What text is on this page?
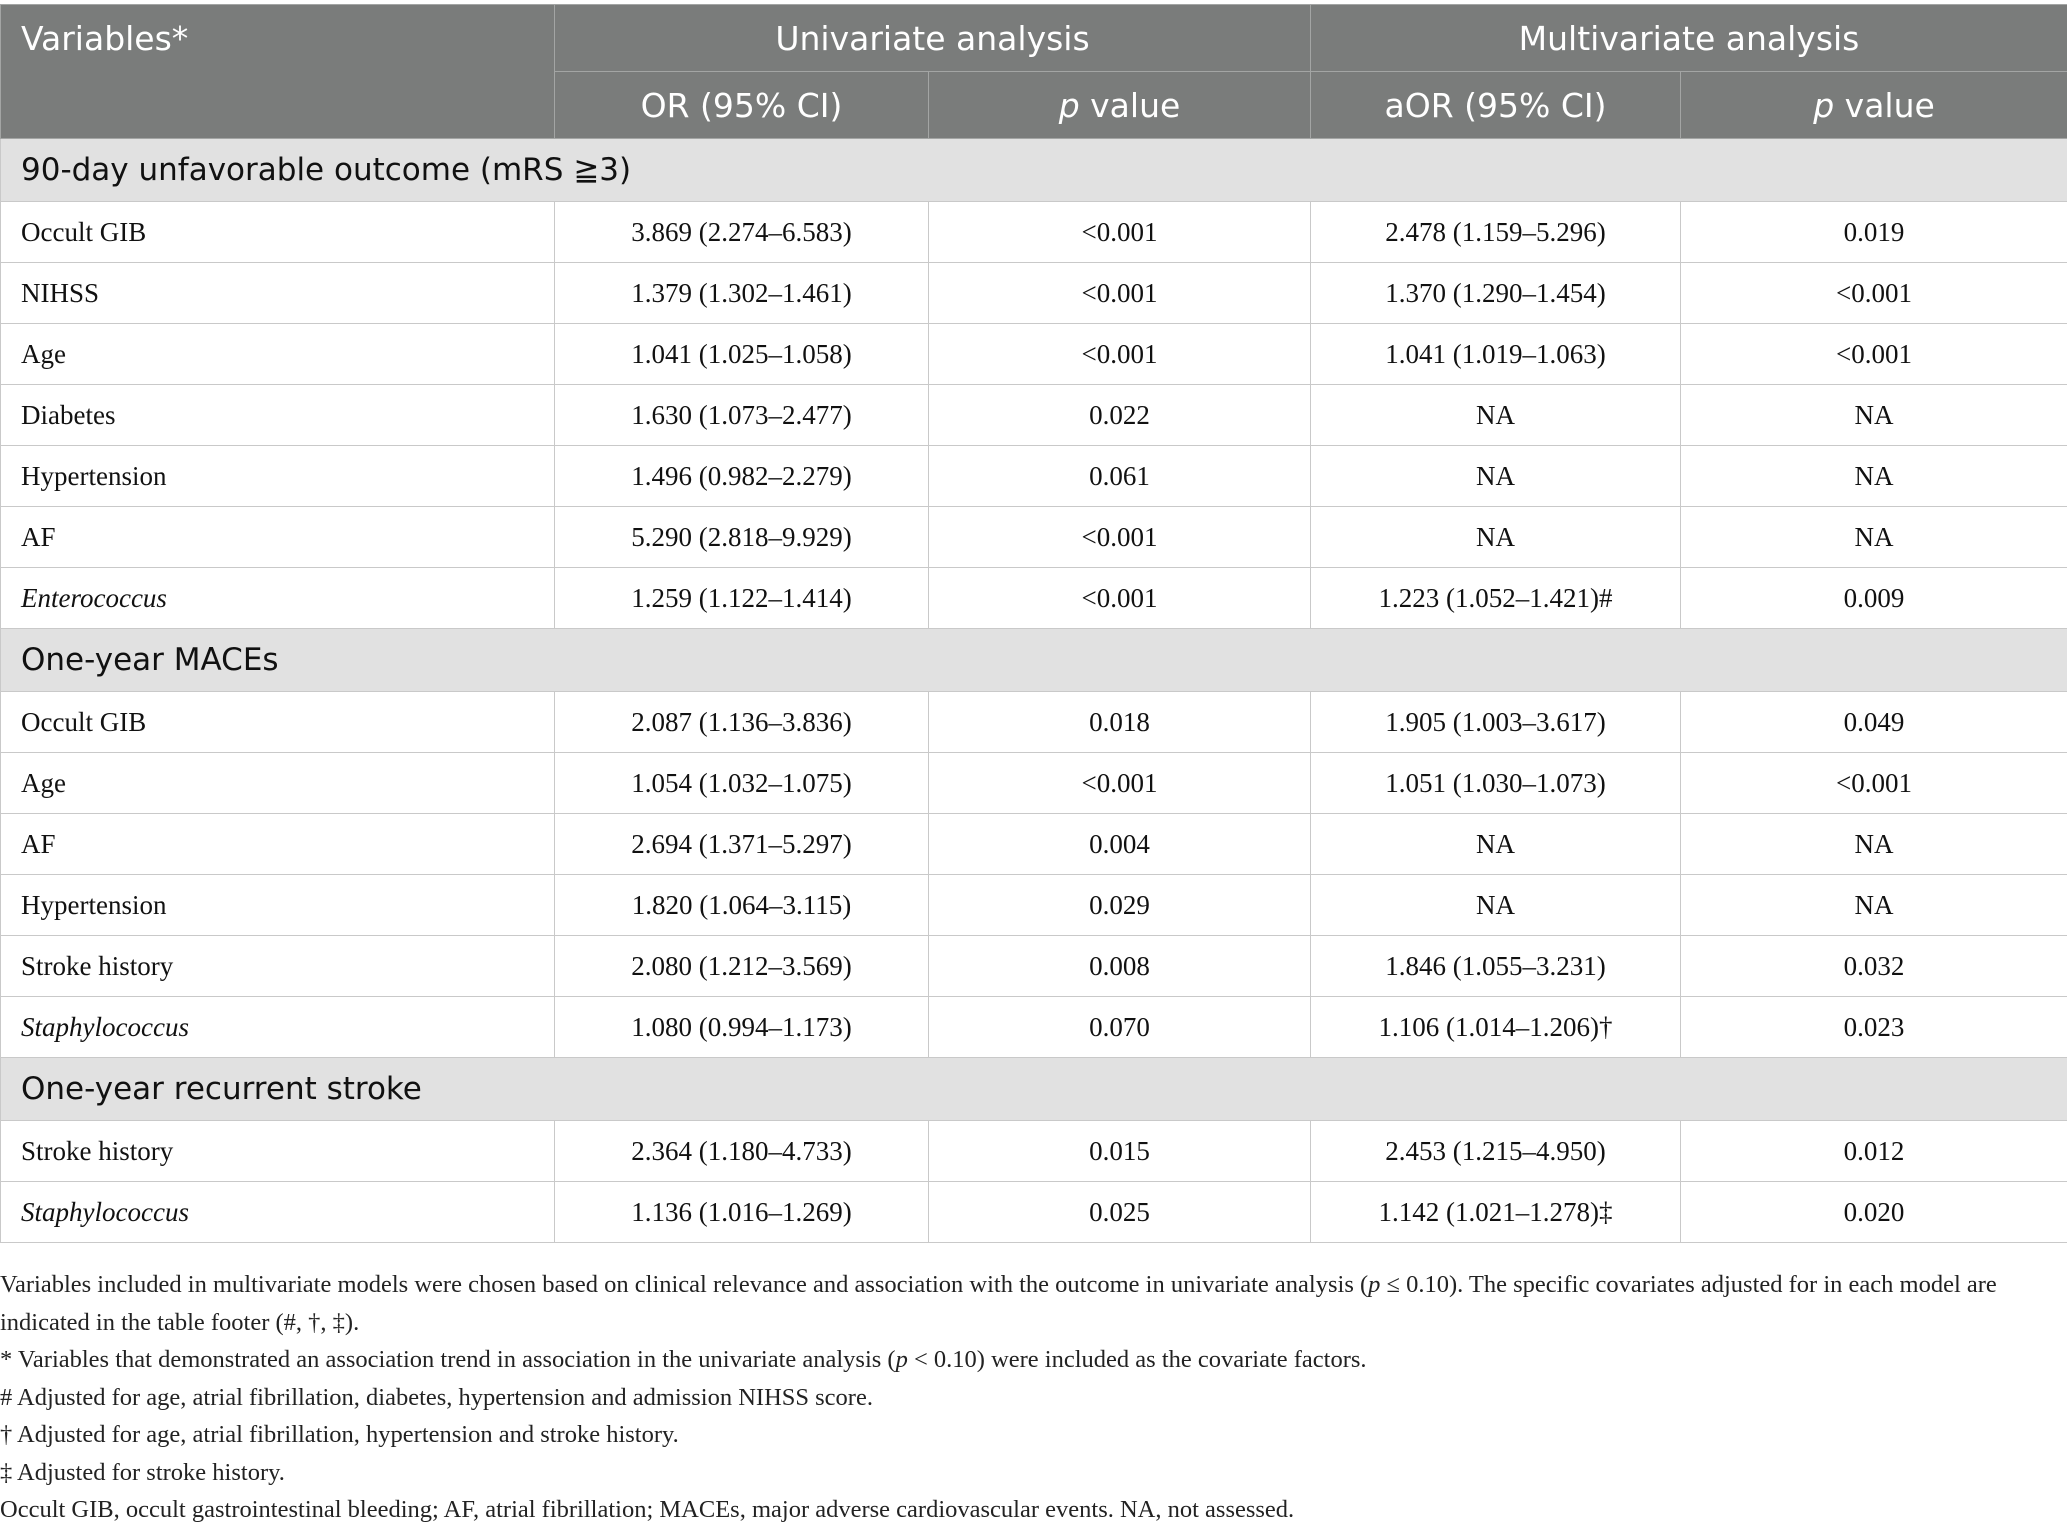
Variables*	Univariate analysis		Multivariate analysis	
	OR (95% CI)	p value	aOR (95% CI)	p value
90-day unfavorable outcome (mRS ≧3)				
Occult GIB	3.869 (2.274–6.583)	<0.001	2.478 (1.159–5.296)	0.019
NIHSS	1.379 (1.302–1.461)	<0.001	1.370 (1.290–1.454)	<0.001
Age	1.041 (1.025–1.058)	<0.001	1.041 (1.019–1.063)	<0.001
Diabetes	1.630 (1.073–2.477)	0.022	NA	NA
Hypertension	1.496 (0.982–2.279)	0.061	NA	NA
AF	5.290 (2.818–9.929)	<0.001	NA	NA
Enterococcus	1.259 (1.122–1.414)	<0.001	1.223 (1.052–1.421)#	0.009
One-year MACEs				
Occult GIB	2.087 (1.136–3.836)	0.018	1.905 (1.003–3.617)	0.049
Age	1.054 (1.032–1.075)	<0.001	1.051 (1.030–1.073)	<0.001
AF	2.694 (1.371–5.297)	0.004	NA	NA
Hypertension	1.820 (1.064–3.115)	0.029	NA	NA
Stroke history	2.080 (1.212–3.569)	0.008	1.846 (1.055–3.231)	0.032
Staphylococcus	1.080 (0.994–1.173)	0.070	1.106 (1.014–1.206)†	0.023
One-year recurrent stroke				
Stroke history	2.364 (1.180–4.733)	0.015	2.453 (1.215–4.950)	0.012
Staphylococcus	1.136 (1.016–1.269)	0.025	1.142 (1.021–1.278)‡	0.020

Variables included in multivariate models were chosen based on clinical relevance and association with the outcome in univariate analysis (p ≤ 0.10). The specific covariates adjusted for in each model are indicated in the table footer (#, †, ‡).

* Variables that demonstrated an association trend in association in the univariate analysis (p < 0.10) were included as the covariate factors.

# Adjusted for age, atrial fibrillation, diabetes, hypertension and admission NIHSS score.

† Adjusted for age, atrial fibrillation, hypertension and stroke history.

‡ Adjusted for stroke history.

Occult GIB, occult gastrointestinal bleeding; AF, atrial fibrillation; MACEs, major adverse cardiovascular events. NA, not assessed.
